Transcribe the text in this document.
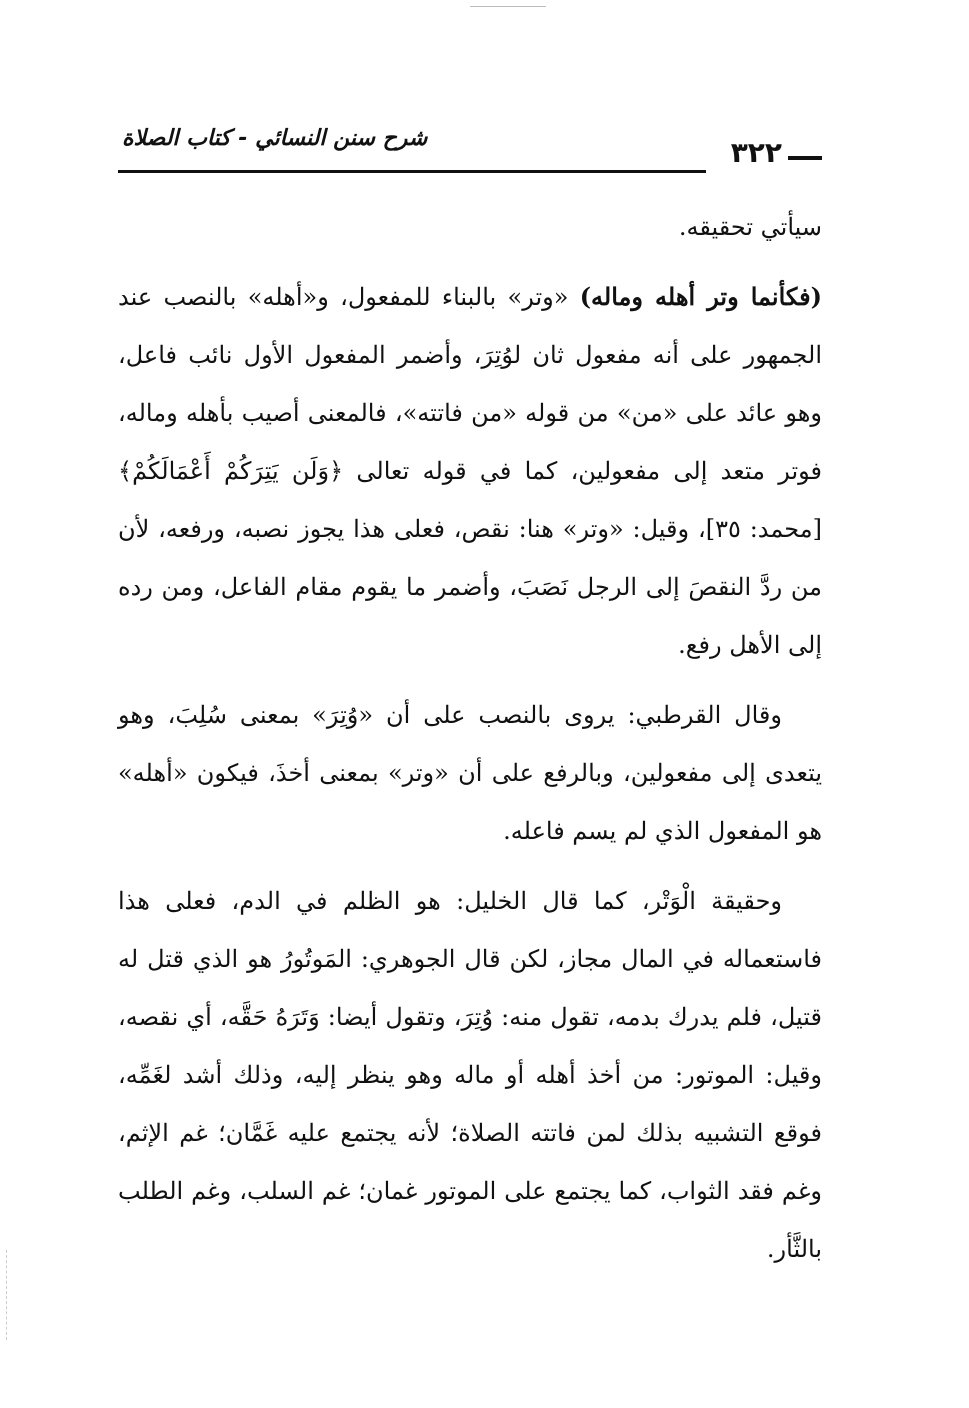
٣٢٢
شرح سنن النسائي - كتاب الصلاة

سيأتي تحقيقه.

(فكأنما وتر أهله وماله) «وتر» بالبناء للمفعول، و«أهله» بالنصب عند الجمهور على أنه مفعول ثان لوُتِرَ، وأضمر المفعول الأول نائب فاعل، وهو عائد على «من» من قوله «من فاتته»، فالمعنى أصيب بأهله وماله، فوتر متعد إلى مفعولين، كما في قوله تعالى ﴿وَلَن يَتِرَكُمْ أَعْمَالَكُمْ﴾ [محمد: ٣٥]، وقيل: «وتر» هنا: نقص، فعلى هذا يجوز نصبه، ورفعه، لأن من ردَّ النقصَ إلى الرجل نَصَبَ، وأضمر ما يقوم مقام الفاعل، ومن رده إلى الأهل رفع.

وقال القرطبي: يروى بالنصب على أن «وُتِرَ» بمعنى سُلِبَ، وهو يتعدى إلى مفعولين، وبالرفع على أن «وتر» بمعنى أخذَ، فيكون «أهله» هو المفعول الذي لم يسم فاعله.

وحقيقة الْوَتْر، كما قال الخليل: هو الظلم في الدم، فعلى هذا فاستعماله في المال مجاز، لكن قال الجوهري: المَوتُورُ هو الذي قتل له قتيل، فلم يدرك بدمه، تقول منه: وُتِرَ، وتقول أيضا: وَتَرَهُ حَقَّه، أي نقصه، وقيل: الموتور: من أخذ أهله أو ماله وهو ينظر إليه، وذلك أشد لغَمِّه، فوقع التشبيه بذلك لمن فاتته الصلاة؛ لأنه يجتمع عليه غَمَّان؛ غم الإثم، وغم فقد الثواب، كما يجتمع على الموتور غمان؛ غم السلب، وغم الطلب بالثَّأر.
